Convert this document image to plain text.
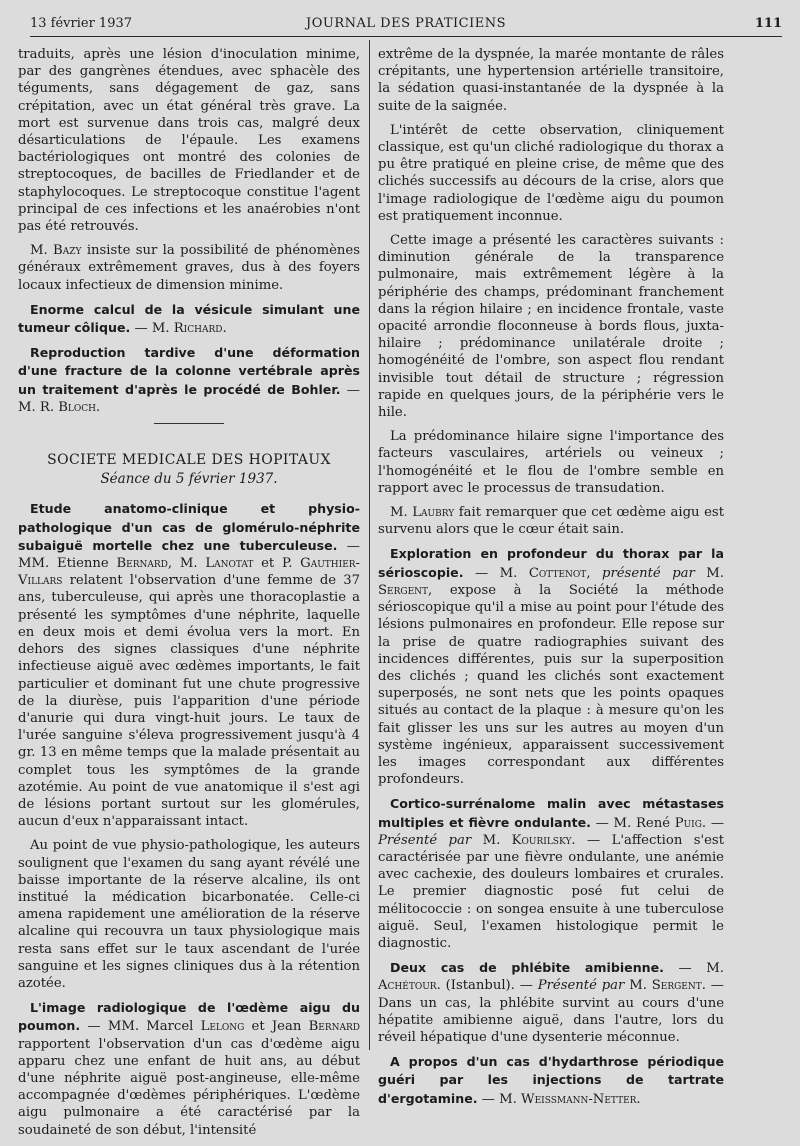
13 février 1937	JOURNAL DES PRATICIENS	111

traduits, après une lésion d'inoculation minime, par des gangrènes étendues, avec sphacèle des téguments, sans dégagement de gaz, sans crépitation, avec un état général très grave. La mort est survenue dans trois cas, malgré deux désarticulations de l'épaule. Les examens bactériologiques ont montré des colonies de streptocoques, de bacilles de Friedlander et de staphylocoques. Le streptocoque constitue l'agent principal de ces infections et les anaérobies n'ont pas été retrouvés.

M. Bazy insiste sur la possibilité de phénomènes généraux extrêmement graves, dus à des foyers locaux infectieux de dimension minime.

Enorme calcul de la vésicule simulant une tumeur côlique. — M. Richard.

Reproduction tardive d'une déformation d'une fracture de la colonne vertébrale après un traitement d'après le procédé de Bohler. — M. R. Bloch.

SOCIETE MEDICALE DES HOPITAUX

Séance du 5 février 1937.

Etude anatomo-clinique et physio-pathologique d'un cas de glomérulo-néphrite subaiguë mortelle chez une tuberculeuse. — MM. Etienne Bernard, M. Lanotat et P. Gauthier-Villars relatent l'observation d'une femme de 37 ans, tuberculeuse, qui après une thoracoplastie a présenté les symptômes d'une néphrite, laquelle en deux mois et demi évolua vers la mort. En dehors des signes classiques d'une néphrite infectieuse aiguë avec œdèmes importants, le fait particulier et dominant fut une chute progressive de la diurèse, puis l'apparition d'une période d'anurie qui dura vingt-huit jours. Le taux de l'urée sanguine s'éleva progressivement jusqu'à 4 gr. 13 en même temps que la malade présentait au complet tous les symptômes de la grande azotémie. Au point de vue anatomique il s'est agi de lésions portant surtout sur les glomérules, aucun d'eux n'apparaissant intact.

Au point de vue physio-pathologique, les auteurs soulignent que l'examen du sang ayant révélé une baisse importante de la réserve alcaline, ils ont institué la médication bicarbonatée. Celle-ci amena rapidement une amélioration de la réserve alcaline qui recouvra un taux physiologique mais resta sans effet sur le taux ascendant de l'urée sanguine et les signes cliniques dus à la rétention azotée.

L'image radiologique de l'œdème aigu du poumon. — MM. Marcel Lelong et Jean Bernard rapportent l'observation d'un cas d'œdème aigu apparu chez une enfant de huit ans, au début d'une néphrite aiguë post-angineuse, elle-même accompagnée d'œdèmes périphériques. L'œdème aigu pulmonaire a été caractérisé par la soudaineté de son début, l'intensité

extrême de la dyspnée, la marée montante de râles crépitants, une hypertension artérielle transitoire, la sédation quasi-instantanée de la dyspnée à la suite de la saignée.

L'intérêt de cette observation, cliniquement classique, est qu'un cliché radiologique du thorax a pu être pratiqué en pleine crise, de même que des clichés successifs au décours de la crise, alors que l'image radiologique de l'œdème aigu du poumon est pratiquement inconnue.

Cette image a présenté les caractères suivants : diminution générale de la transparence pulmonaire, mais extrêmement légère à la périphérie des champs, prédominant franchement dans la région hilaire ; en incidence frontale, vaste opacité arrondie floconneuse à bords flous, juxta-hilaire ; prédominance unilatérale droite ; homogénéité de l'ombre, son aspect flou rendant invisible tout détail de structure ; régression rapide en quelques jours, de la périphérie vers le hile.

La prédominance hilaire signe l'importance des facteurs vasculaires, artériels ou veineux ; l'homogénéité et le flou de l'ombre semble en rapport avec le processus de transudation.

M. Laubry fait remarquer que cet œdème aigu est survenu alors que le cœur était sain.

Exploration en profondeur du thorax par la sérioscopie. — M. Cottenot, présenté par M. Sergent, expose à la Société la méthode sérioscopique qu'il a mise au point pour l'étude des lésions pulmonaires en profondeur. Elle repose sur la prise de quatre radiographies suivant des incidences différentes, puis sur la superposition des clichés ; quand les clichés sont exactement superposés, ne sont nets que les points opaques situés au contact de la plaque : à mesure qu'on les fait glisser les uns sur les autres au moyen d'un système ingénieux, apparaissent successivement les images correspondant aux différentes profondeurs.

Cortico-surrénalome malin avec métastases multiples et fièvre ondulante. — M. René Puig. — Présenté par M. Kourilsky. — L'affection s'est caractérisée par une fièvre ondulante, une anémie avec cachexie, des douleurs lombaires et crurales. Le premier diagnostic posé fut celui de mélitococcie : on songea ensuite à une tuberculose aiguë. Seul, l'examen histologique permit le diagnostic.

Deux cas de phlébite amibienne. — M. Achétour. (Istanbul). — Présenté par M. Sergent. — Dans un cas, la phlébite survint au cours d'une hépatite amibienne aiguë, dans l'autre, lors du réveil hépatique d'une dysenterie méconnue.

A propos d'un cas d'hydarthrose périodique guéri par les injections de tartrate d'ergotamine. — M. Weissmann-Netter.
